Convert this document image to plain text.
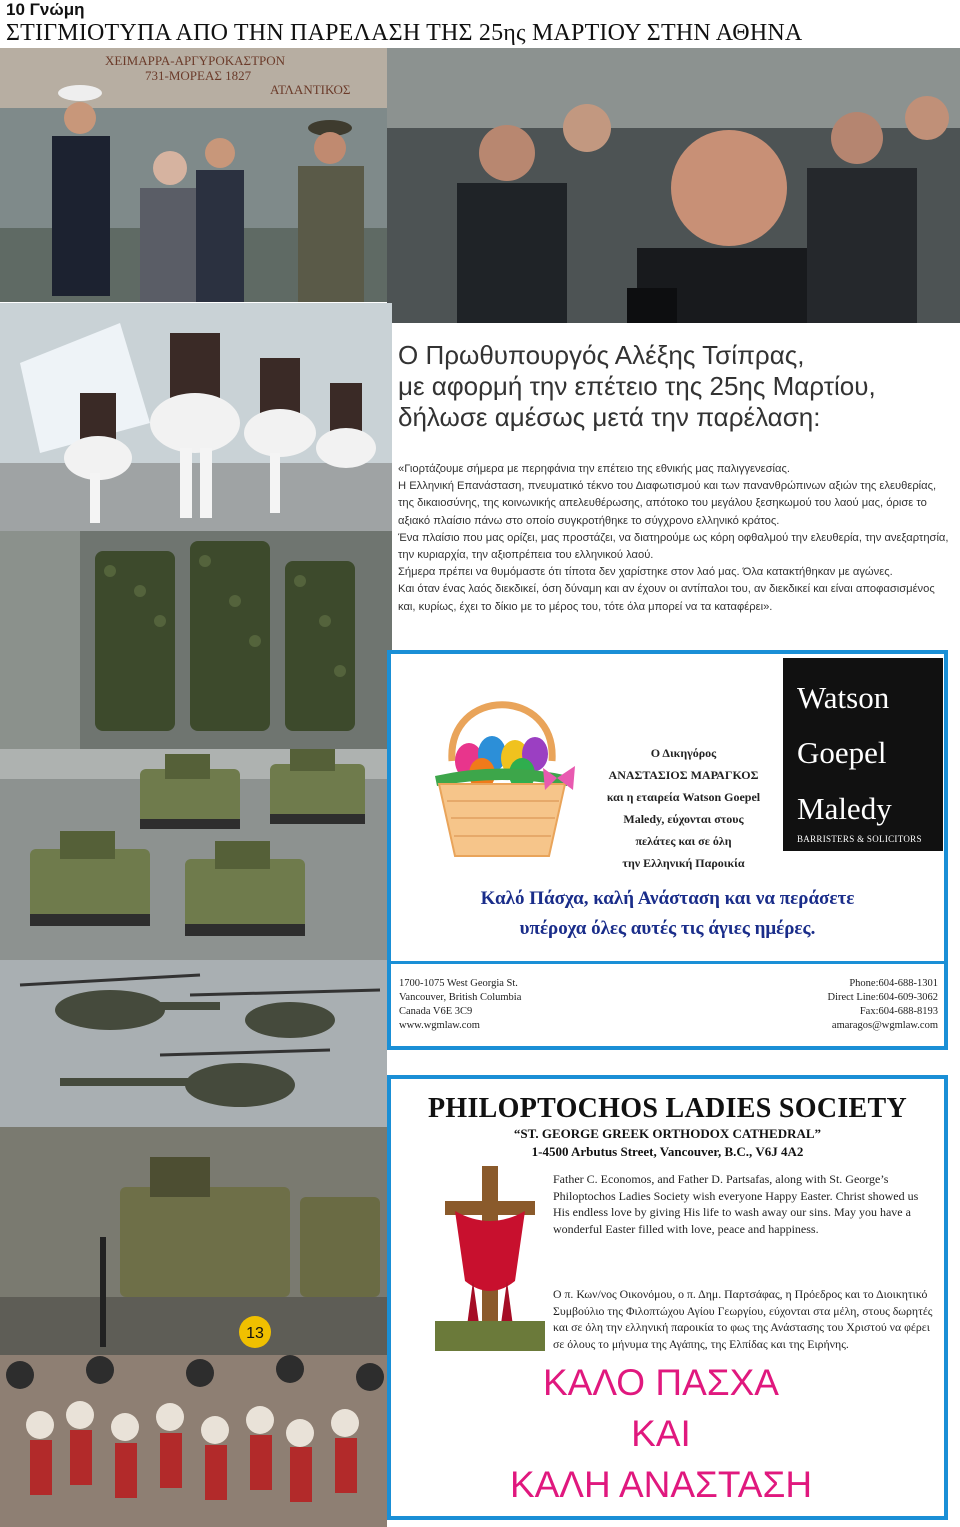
10 Γνώμη
ΣΤΙΓΜΙΟΤΥΠΑ ΑΠΟ ΤΗΝ ΠΑΡΕΛΑΣΗ ΤΗΣ 25ης ΜΑΡΤΙΟΥ ΣΤΗΝ ΑΘΗΝΑ
ΧΕΙΜΑΡΡΑ-ΑΡΓΥΡΟΚΑΣΤΡΟΝ
731-ΜΟΡΕΑΣ 1827
ΑΤΛΑΝΤΙΚΟΣ
13
Ο Πρωθυπουργός Αλέξης Τσίπρας,
με αφορμή την επέτειο της 25ης Μαρτίου,
δήλωσε αμέσως μετά την παρέλαση:

«Γιορτάζουμε σήμερα με περηφάνια την επέτειο της εθνικής μας παλιγγενεσίας.

Η Ελληνική Επανάσταση, πνευματικό τέκνο του Διαφωτισμού και των πανανθρώπινων αξιών της ελευθερίας, της δικαιοσύνης, της κοινωνικής απελευθέρωσης, απότοκο του μεγάλου ξεσηκωμού του λαού μας, όρισε το αξιακό πλαίσιο πάνω στο οποίο συγκροτήθηκε το σύγχρονο ελληνικό κράτος.

Ένα πλαίσιο που μας ορίζει, μας προστάζει, να διατηρούμε ως κόρη οφθαλμού την ελευθερία, την ανεξαρτησία, την κυριαρχία, την αξιοπρέπεια του ελληνικού λαού.

Σήμερα πρέπει να θυμόμαστε ότι τίποτα δεν χαρίστηκε στον λαό μας. Όλα κατακτήθηκαν με αγώνες.

Και όταν ένας λαός διεκδικεί, όση δύναμη και αν έχουν οι αντίπαλοι του, αν διεκδικεί και είναι αποφασισμένος και, κυρίως, έχει το δίκιο με το μέρος του, τότε όλα μπορεί να τα καταφέρει».

Ο Δικηγόρος
ΑΝΑΣΤΑΣΙΟΣ ΜΑΡΑΓΚΟΣ
και η εταιρεία Watson Goepel
Maledy, εύχονται στους
πελάτες και σε όλη
την Ελληνική Παροικία
Watson
Goepel
Maledy
BARRISTERS & SOLICITORS
Καλό Πάσχα, καλή Ανάσταση και να περάσετε
υπέροχα όλες αυτές τις άγιες ημέρες.
1700-1075 West Georgia St.
Vancouver, British Columbia
Canada V6E 3C9
www.wgmlaw.com
Phone:604-688-1301
Direct Line:604-609-3062
Fax:604-688-8193
amaragos@wgmlaw.com
PHILOPTOCHOS LADIES SOCIETY
“ST. GEORGE GREEK ORTHODOX CATHEDRAL”
1-4500 Arbutus Street, Vancouver, B.C., V6J 4A2
Father C. Economos, and Father D. Partsafas, along with St. George’s Philoptochos Ladies Society wish everyone Happy Easter. Christ showed us His endless love by giving His life to wash away our sins. May you have a wonderful Easter filled with love, peace and happiness.
Ο π. Κων/νος Οικονόμου, ο π. Δημ. Παρτσάφας, η Πρόεδρος και το Διοικητικό Συμβούλιο της Φιλοπτώχου Αγίου Γεωργίου, εύχονται στα μέλη, στους δωρητές και σε όλη την ελληνική παροικία το φως της Ανάστασης του Χριστού να φέρει σε όλους το μήνυμα της Αγάπης, της Ελπίδας και της Ειρήνης.
ΚΑΛΟ ΠΑΣΧΑ
ΚΑΙ
ΚΑΛΗ ΑΝΑΣΤΑΣΗ
